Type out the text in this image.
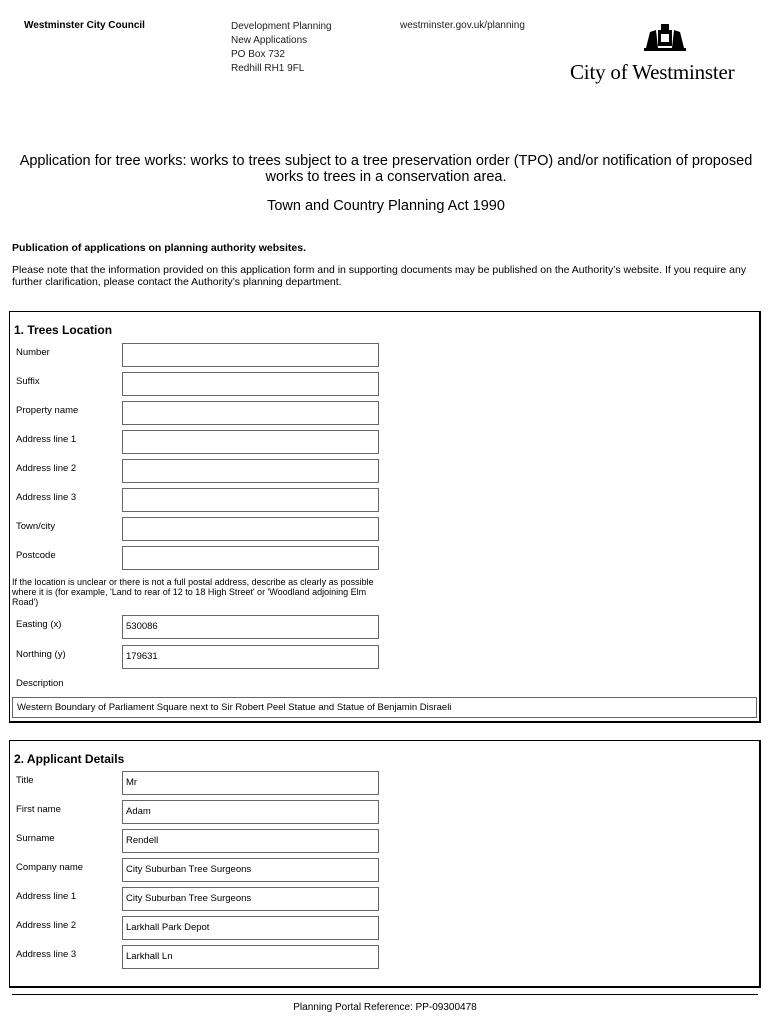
Westminster City Council	Development Planning
New Applications
PO Box 732
Redhill RH1 9FL
westminster.gov.uk/planning
City of Westminster
Application for tree works: works to trees subject to a tree preservation order (TPO) and/or notification of proposed works to trees in a conservation area.
Town and Country Planning Act 1990
Publication of applications on planning authority websites.
Please note that the information provided on this application form and in supporting documents may be published on the Authority’s website. If you require any further clarification, please contact the Authority’s planning department.
1. Trees Location
Number
Suffix
Property name
Address line 1
Address line 2
Address line 3
Town/city
Postcode
If the location is unclear or there is not a full postal address, describe as clearly as possible where it is (for example, 'Land to rear of 12 to 18 High Street' or 'Woodland adjoining Elm Road')
Easting (x)	530086
Northing (y)	179631
Description
Western Boundary of Parliament Square next to Sir Robert Peel Statue and Statue of Benjamin Disraeli
2. Applicant Details
Title	Mr
First name	Adam
Surname	Rendell
Company name	City Suburban Tree Surgeons
Address line 1	City Suburban Tree Surgeons
Address line 2	Larkhall Park Depot
Address line 3	Larkhall Ln
Planning Portal Reference: PP-09300478
